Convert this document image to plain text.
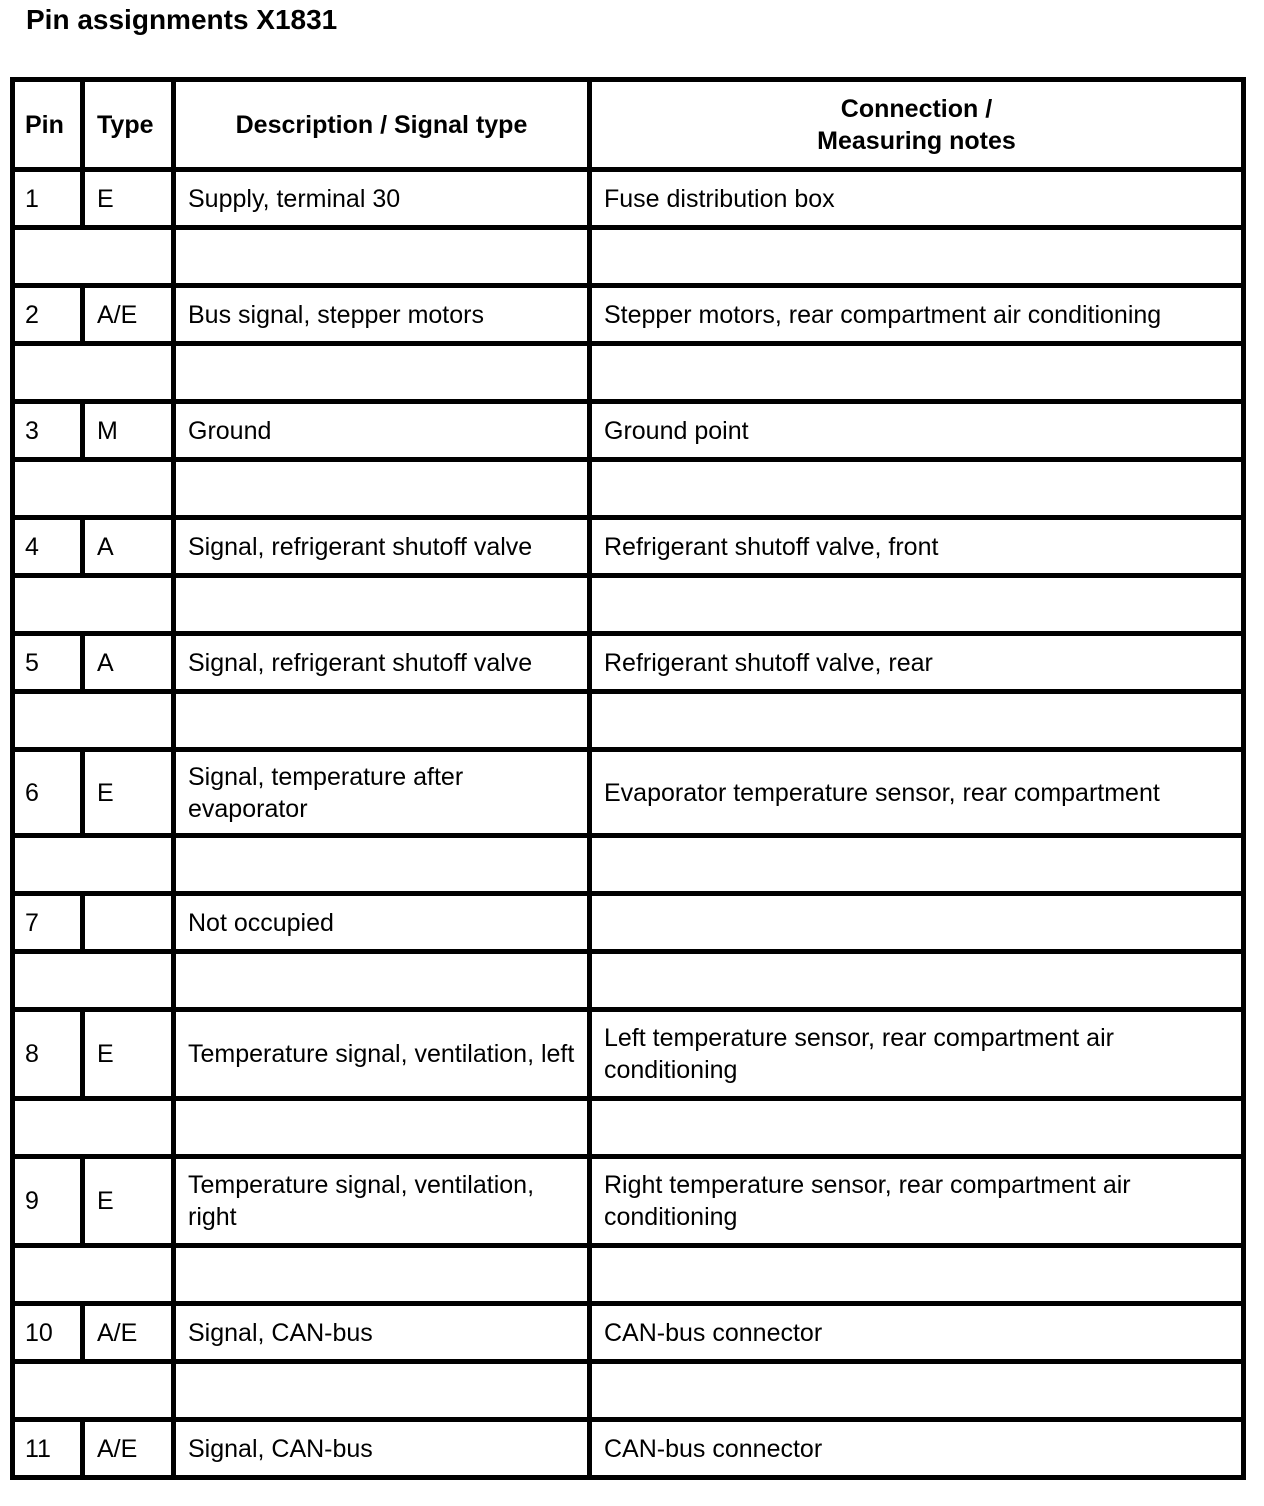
Pin assignments X1831
Pin	Type	Description / Signal type	Connection /
Measuring notes
1	E	Supply, terminal 30	Fuse distribution box

2	A/E	Bus signal, stepper motors	Stepper motors, rear compartment air conditioning

3	M	Ground	Ground point

4	A	Signal, refrigerant shutoff valve	Refrigerant shutoff valve, front

5	A	Signal, refrigerant shutoff valve	Refrigerant shutoff valve, rear

6	E	Signal, temperature after evaporator	Evaporator temperature sensor, rear compartment

7		Not occupied	

8	E	Temperature signal, ventilation, left	Left temperature sensor, rear compartment air conditioning

9	E	Temperature signal, ventilation, right	Right temperature sensor, rear compartment air conditioning

10	A/E	Signal, CAN-bus	CAN-bus connector

11	A/E	Signal, CAN-bus	CAN-bus connector
